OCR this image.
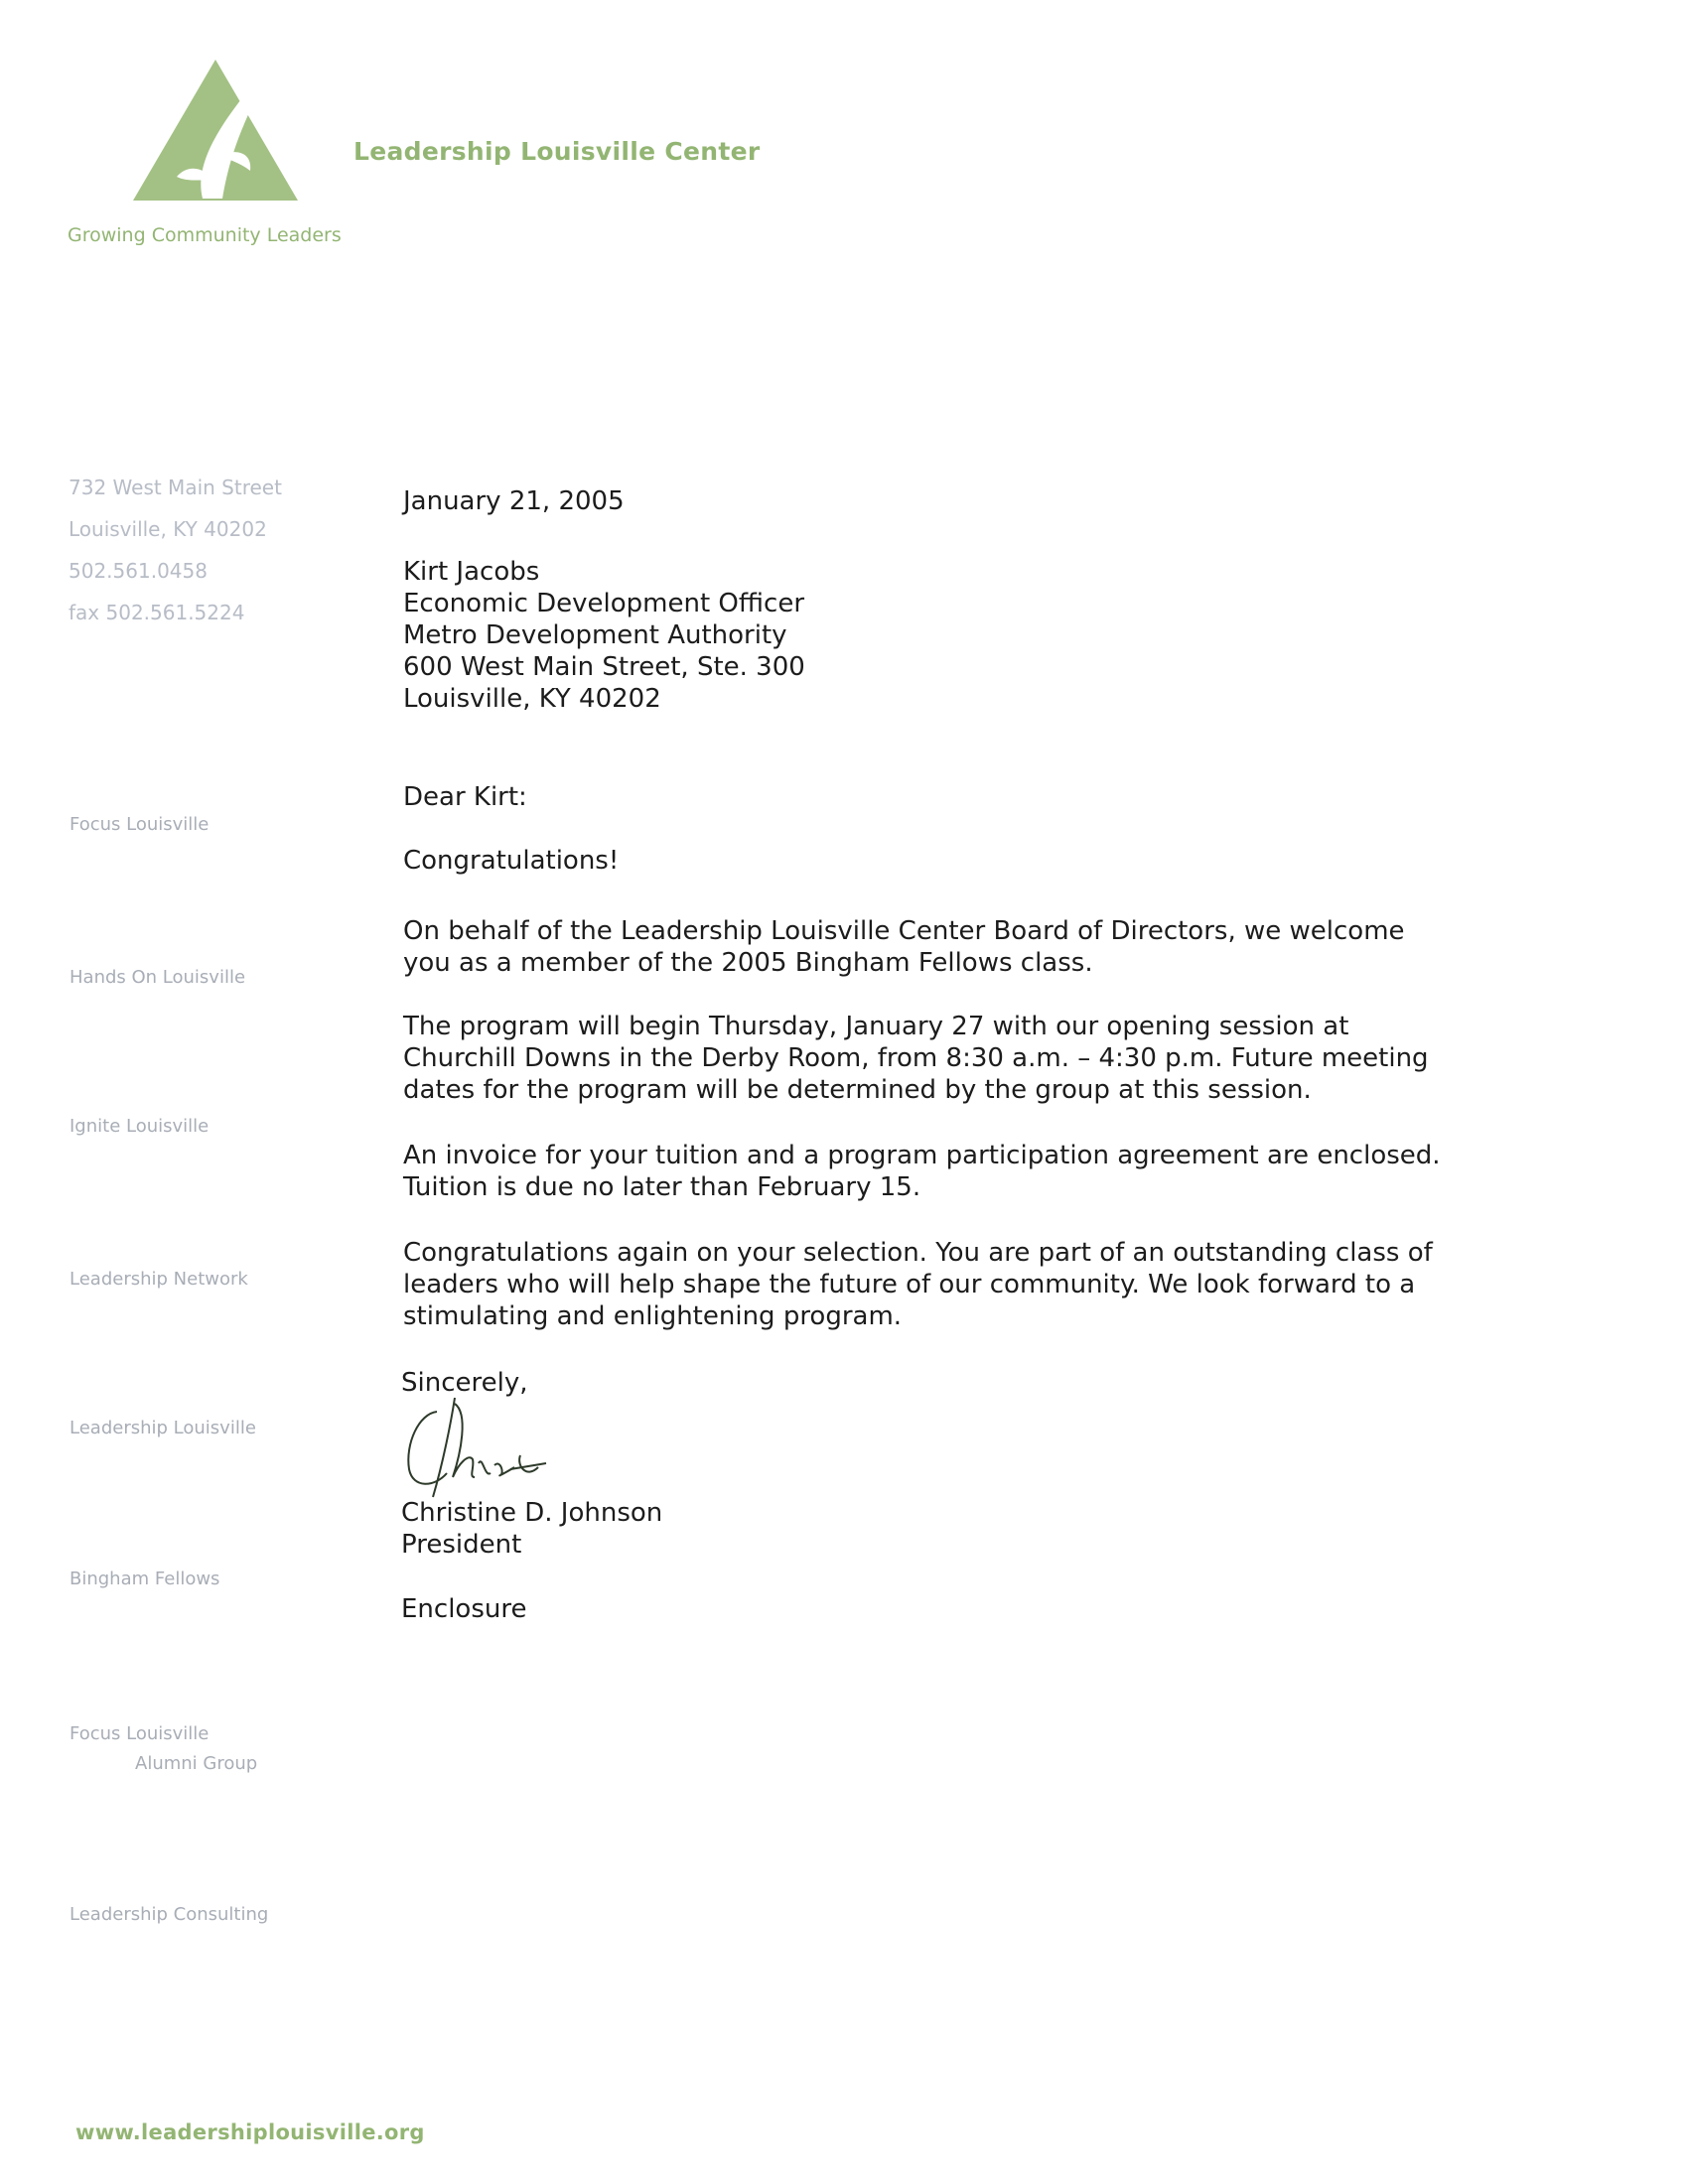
Leadership Louisville Center
Growing Community Leaders
732 West Main Street
Louisville, KY 40202
502.561.0458
fax 502.561.5224
Focus Louisville
Hands On Louisville
Ignite Louisville
Leadership Network
Leadership Louisville
Bingham Fellows
Focus Louisville
Alumni Group
Leadership Consulting
www.leadershiplouisville.org
January 21, 2005
Kirt Jacobs
Economic Development Officer
Metro Development Authority
600 West Main Street, Ste. 300
Louisville, KY 40202
Dear Kirt:
Congratulations!
On behalf of the Leadership Louisville Center Board of Directors, we welcome
you as a member of the 2005 Bingham Fellows class.
The program will begin Thursday, January 27 with our opening session at
Churchill Downs in the Derby Room, from 8:30 a.m. – 4:30 p.m. Future meeting
dates for the program will be determined by the group at this session.
An invoice for your tuition and a program participation agreement are enclosed.
Tuition is due no later than February 15.
Congratulations again on your selection. You are part of an outstanding class of
leaders who will help shape the future of our community. We look forward to a
stimulating and enlightening program.
Sincerely,
Christine D. Johnson
President
Enclosure
